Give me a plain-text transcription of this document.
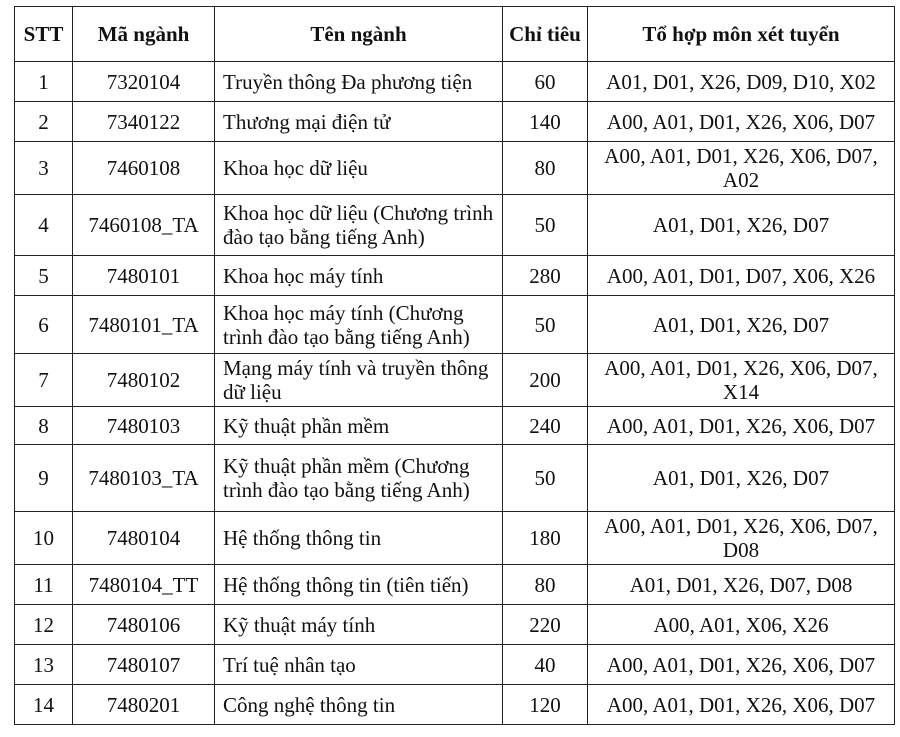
STT	Mã ngành	Tên ngành	Chỉ tiêu	Tổ hợp môn xét tuyển
1	7320104	Truyền thông Đa phương tiện	60	A01, D01, X26, D09, D10, X02
2	7340122	Thương mại điện tử	140	A00, A01, D01, X26, X06, D07
3	7460108	Khoa học dữ liệu	80	A00, A01, D01, X26, X06, D07, A02
4	7460108_TA	Khoa học dữ liệu (Chương trình đào tạo bằng tiếng Anh)	50	A01, D01, X26, D07
5	7480101	Khoa học máy tính	280	A00, A01, D01, D07, X06, X26
6	7480101_TA	Khoa học máy tính (Chương trình đào tạo bằng tiếng Anh)	50	A01, D01, X26, D07
7	7480102	Mạng máy tính và truyền thông dữ liệu	200	A00, A01, D01, X26, X06, D07, X14
8	7480103	Kỹ thuật phần mềm	240	A00, A01, D01, X26, X06, D07
9	7480103_TA	Kỹ thuật phần mềm (Chương trình đào tạo bằng tiếng Anh)	50	A01, D01, X26, D07
10	7480104	Hệ thống thông tin	180	A00, A01, D01, X26, X06, D07, D08
11	7480104_TT	Hệ thống thông tin (tiên tiến)	80	A01, D01, X26, D07, D08
12	7480106	Kỹ thuật máy tính	220	A00, A01, X06, X26
13	7480107	Trí tuệ nhân tạo	40	A00, A01, D01, X26, X06, D07
14	7480201	Công nghệ thông tin	120	A00, A01, D01, X26, X06, D07
